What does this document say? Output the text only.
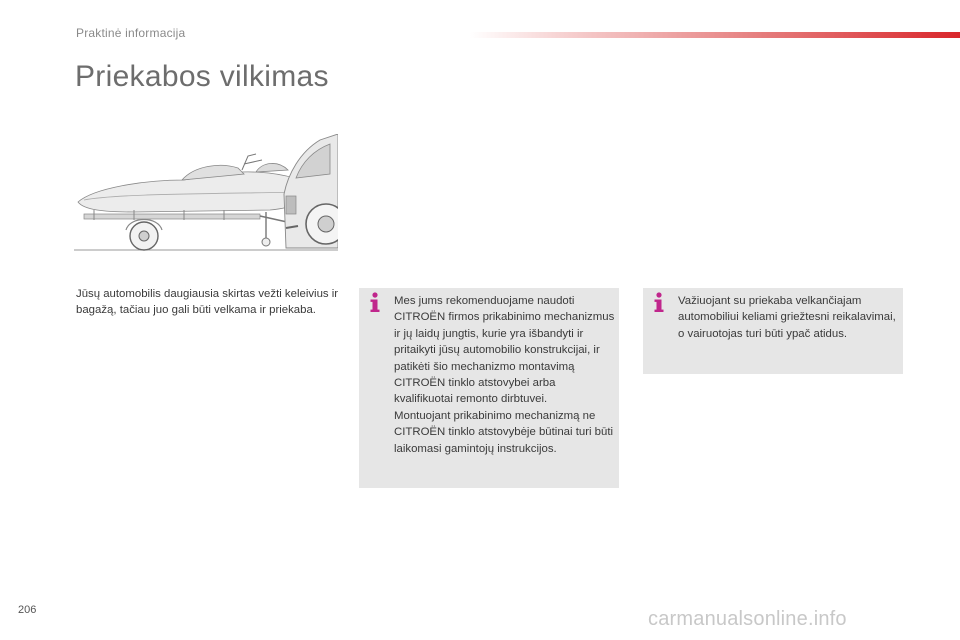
Praktinė informacija
Priekabos vilkimas
Jūsų automobilis daugiausia skirtas vežti keleivius ir bagažą, tačiau juo gali būti velkama ir priekaba.
Mes jums rekomenduojame naudoti CITROËN firmos prikabinimo mechanizmus ir jų laidų jungtis, kurie yra išbandyti ir pritaikyti jūsų automobilio konstrukcijai, ir patikėti šio mechanizmo montavimą CITROËN tinklo atstovybei arba kvalifikuotai remonto dirbtuvei.
Montuojant prikabinimo mechanizmą ne CITROËN tinklo atstovybėje būtinai turi būti laikomasi gamintojų instrukcijos.
Važiuojant su priekaba velkančiajam automobiliui keliami griežtesni reikalavimai, o vairuotojas turi būti ypač atidus.
206	carmanualsonline.info
